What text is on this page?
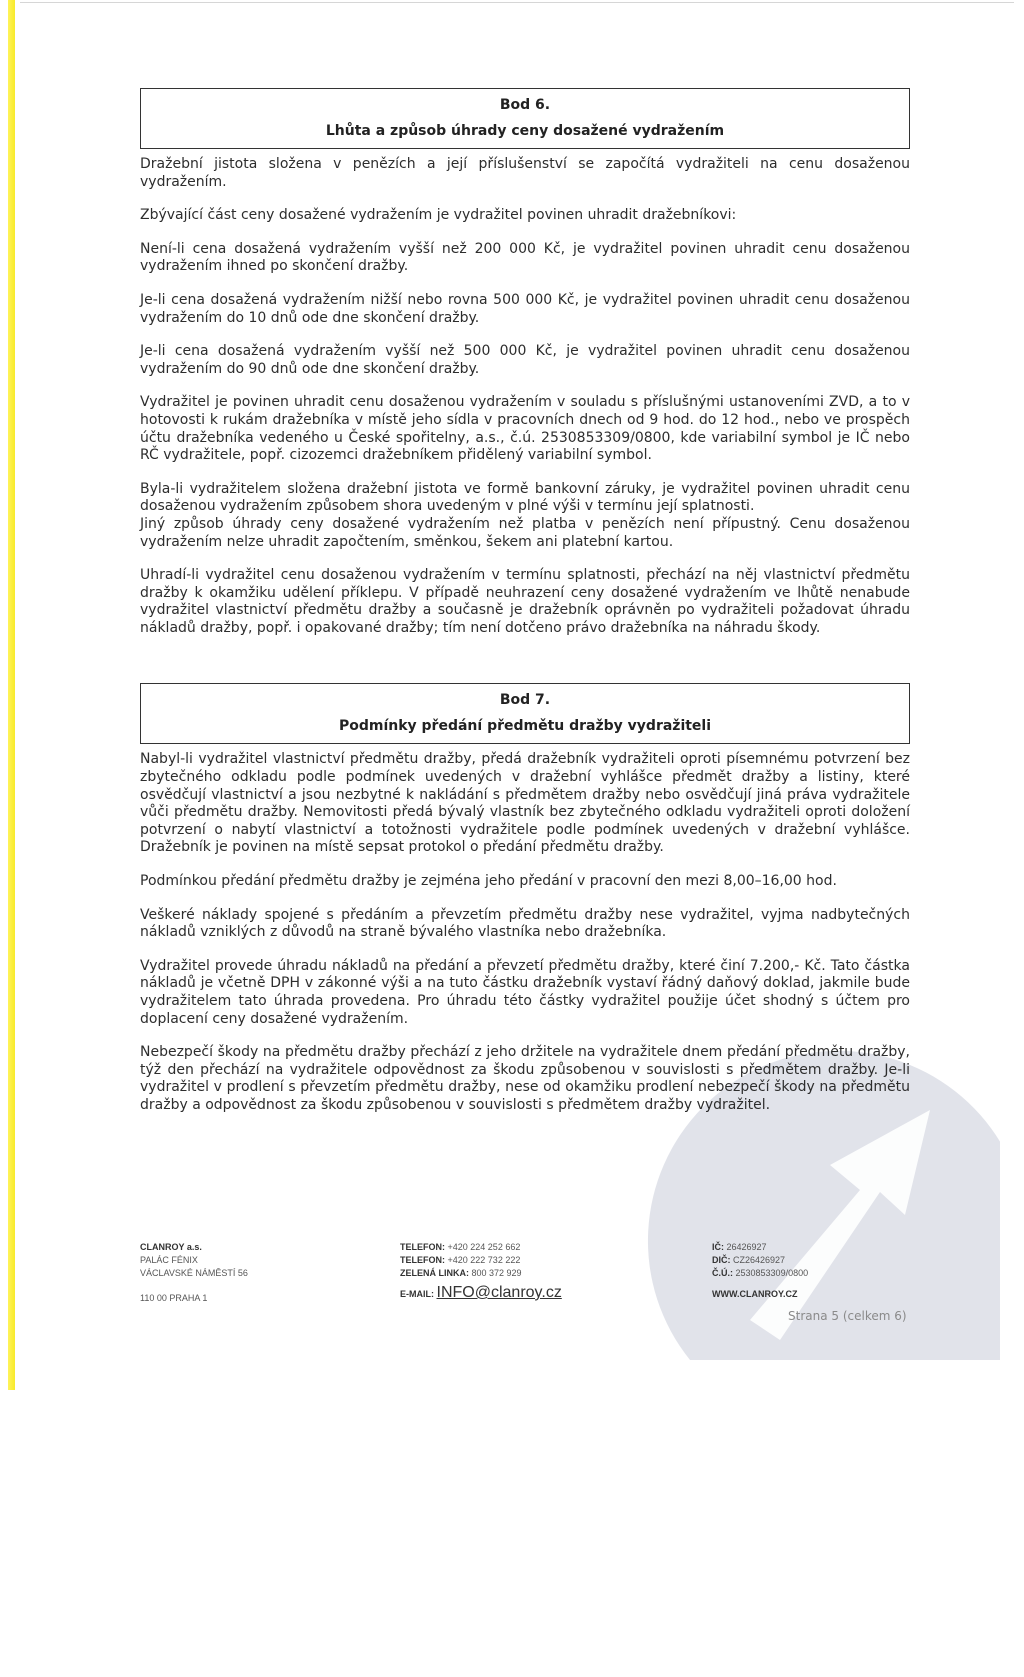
Bod 6.
Lhůta a způsob úhrady ceny dosažené vydražením

Dražební jistota složena v penězích a její příslušenství se započítá vydražiteli na cenu dosaženou vydražením.

Zbývající část ceny dosažené vydražením je vydražitel povinen uhradit dražebníkovi:

Není-li cena dosažená vydražením vyšší než 200 000 Kč, je vydražitel povinen uhradit cenu dosaženou vydražením ihned po skončení dražby.

Je-li cena dosažená vydražením nižší nebo rovna 500 000 Kč, je vydražitel povinen uhradit cenu dosaženou vydražením do 10 dnů ode dne skončení dražby.

Je-li cena dosažená vydražením vyšší než 500 000 Kč, je vydražitel povinen uhradit cenu dosaženou vydražením do 90 dnů ode dne skončení dražby.

Vydražitel je povinen uhradit cenu dosaženou vydražením v souladu s příslušnými ustanoveními ZVD, a to v hotovosti k rukám dražebníka v místě jeho sídla v pracovních dnech od 9 hod. do 12 hod., nebo ve prospěch účtu dražebníka vedeného u České spořitelny, a.s., č.ú. 2530853309/0800, kde variabilní symbol je IČ nebo RČ vydražitele, popř. cizozemci dražebníkem přidělený variabilní symbol.

Byla-li vydražitelem složena dražební jistota ve formě bankovní záruky, je vydražitel povinen uhradit cenu dosaženou vydražením způsobem shora uvedeným v plné výši v termínu její splatnosti.

Jiný způsob úhrady ceny dosažené vydražením než platba v penězích není přípustný. Cenu dosaženou vydražením nelze uhradit započtením, směnkou, šekem ani platební kartou.

Uhradí-li vydražitel cenu dosaženou vydražením v termínu splatnosti, přechází na něj vlastnictví předmětu dražby k okamžiku udělení příklepu. V případě neuhrazení ceny dosažené vydražením ve lhůtě nenabude vydražitel vlastnictví předmětu dražby a současně je dražebník oprávněn po vydražiteli požadovat úhradu nákladů dražby, popř. i opakované dražby; tím není dotčeno právo dražebníka na náhradu škody.

Bod 7.
Podmínky předání předmětu dražby vydražiteli

Nabyl-li vydražitel vlastnictví předmětu dražby, předá dražebník vydražiteli oproti písemnému potvrzení bez zbytečného odkladu podle podmínek uvedených v dražební vyhlášce předmět dražby a listiny, které osvědčují vlastnictví a jsou nezbytné k nakládání s předmětem dražby nebo osvědčují jiná práva vydražitele vůči předmětu dražby. Nemovitosti předá bývalý vlastník bez zbytečného odkladu vydražiteli oproti doložení potvrzení o nabytí vlastnictví a totožnosti vydražitele podle podmínek uvedených v dražební vyhlášce. Dražebník je povinen na místě sepsat protokol o předání předmětu dražby.

Podmínkou předání předmětu dražby je zejména jeho předání v pracovní den mezi 8,00–16,00 hod.

Veškeré náklady spojené s předáním a převzetím předmětu dražby nese vydražitel, vyjma nadbytečných nákladů vzniklých z důvodů na straně bývalého vlastníka nebo dražebníka.

Vydražitel provede úhradu nákladů na předání a převzetí předmětu dražby, které činí 7.200,- Kč. Tato částka nákladů je včetně DPH v zákonné výši a na tuto částku dražebník vystaví řádný daňový doklad, jakmile bude vydražitelem tato úhrada provedena. Pro úhradu této částky vydražitel použije účet shodný s účtem pro doplacení ceny dosažené vydražením.

Nebezpečí škody na předmětu dražby přechází z jeho držitele na vydražitele dnem předání předmětu dražby, týž den přechází na vydražitele odpovědnost za škodu způsobenou v souvislosti s předmětem dražby. Je-li vydražitel v prodlení s převzetím předmětu dražby, nese od okamžiku prodlení nebezpečí škody na předmětu dražby a odpovědnost za škodu způsobenou v souvislosti s předmětem dražby vydražitel.

CLANROY a.s.
PALÁC FÉNIX
VÁCLAVSKÉ NÁMĚSTÍ 56
110 00 PRAHA 1
TELEFON: +420 224 252 662
TELEFON: +420 222 732 222
ZELENÁ LINKA: 800 372 929
E-MAIL: INFO@clanroy.cz
IČ: 26426927
DIČ: CZ26426927
Č.Ú.: 2530853309/0800
WWW.CLANROY.CZ
Strana 5 (celkem 6)
